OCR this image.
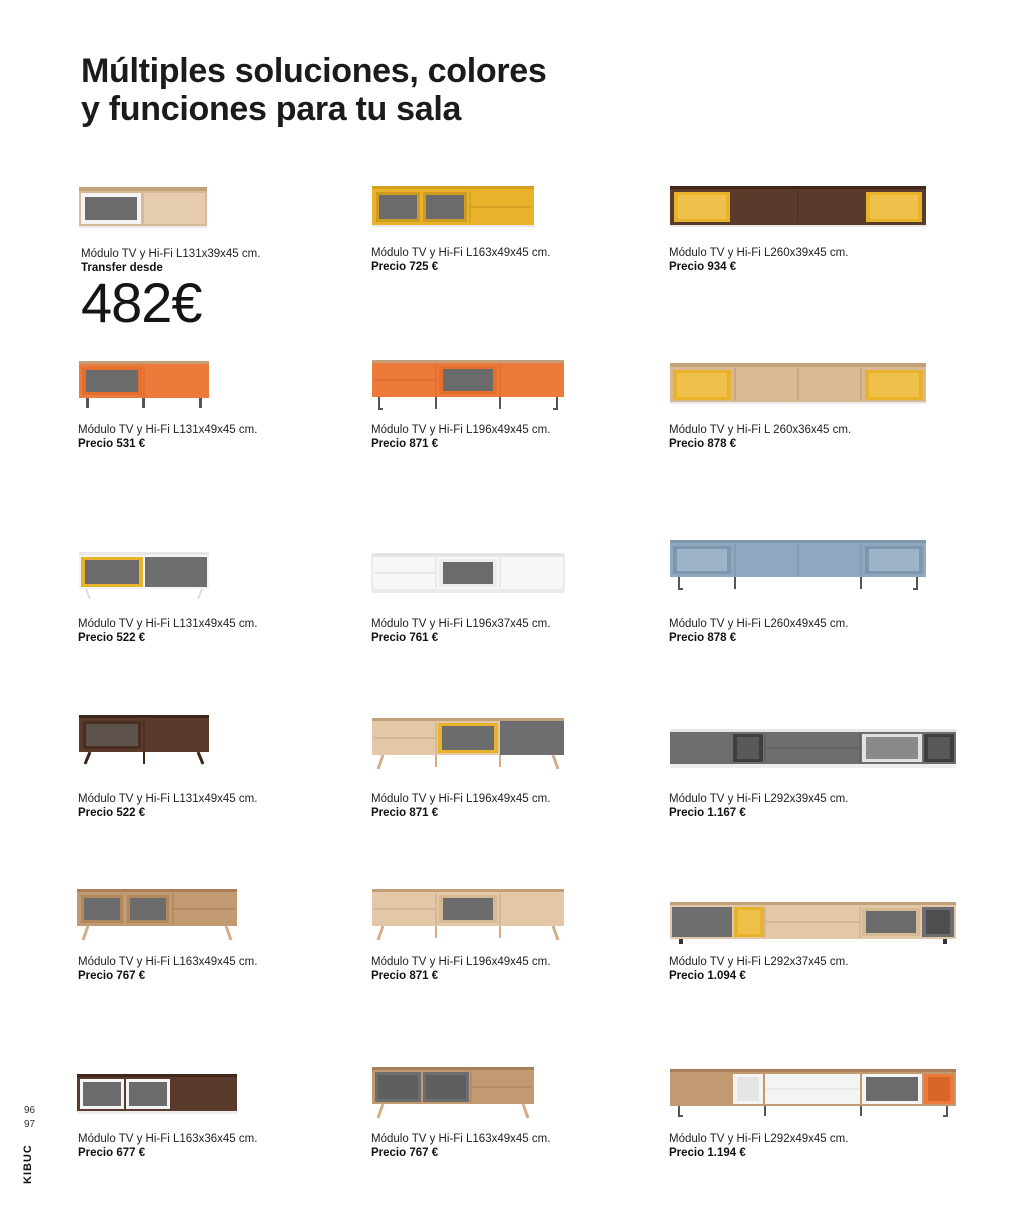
Múltiples soluciones, colores
y funciones para tu sala
Módulo TV y Hi-Fi L131x39x45 cm.
Transfer desde
482€
Módulo TV y Hi-Fi L163x49x45 cm.
Precio 725 €
Módulo TV y Hi-Fi L260x39x45 cm.
Precio 934 €
Módulo TV y Hi-Fi L131x49x45 cm.
Precio 531 €
Módulo TV y Hi-Fi L196x49x45 cm.
Precio 871 €
Módulo TV y Hi-Fi L 260x36x45 cm.
Precio 878 €
Módulo TV y Hi-Fi L131x49x45 cm.
Precio 522 €
Módulo TV y Hi-Fi L196x37x45 cm.
Precio 761 €
Módulo TV y Hi-Fi L260x49x45 cm.
Precio 878 €
Módulo TV y Hi-Fi L131x49x45 cm.
Precio 522 €
Módulo TV y Hi-Fi L196x49x45 cm.
Precio 871 €
Módulo TV y Hi-Fi L292x39x45 cm.
Precio 1.167 €
Módulo TV y Hi-Fi L163x49x45 cm.
Precio 767 €
Módulo TV y Hi-Fi L196x49x45 cm.
Precio 871 €
Módulo TV y Hi-Fi L292x37x45 cm.
Precio 1.094 €
Módulo TV y Hi-Fi L163x36x45 cm.
Precio 677 €
Módulo TV y Hi-Fi L163x49x45 cm.
Precio 767 €
Módulo TV y Hi-Fi L292x49x45 cm.
Precio 1.194 €
96
97
KIBUC
